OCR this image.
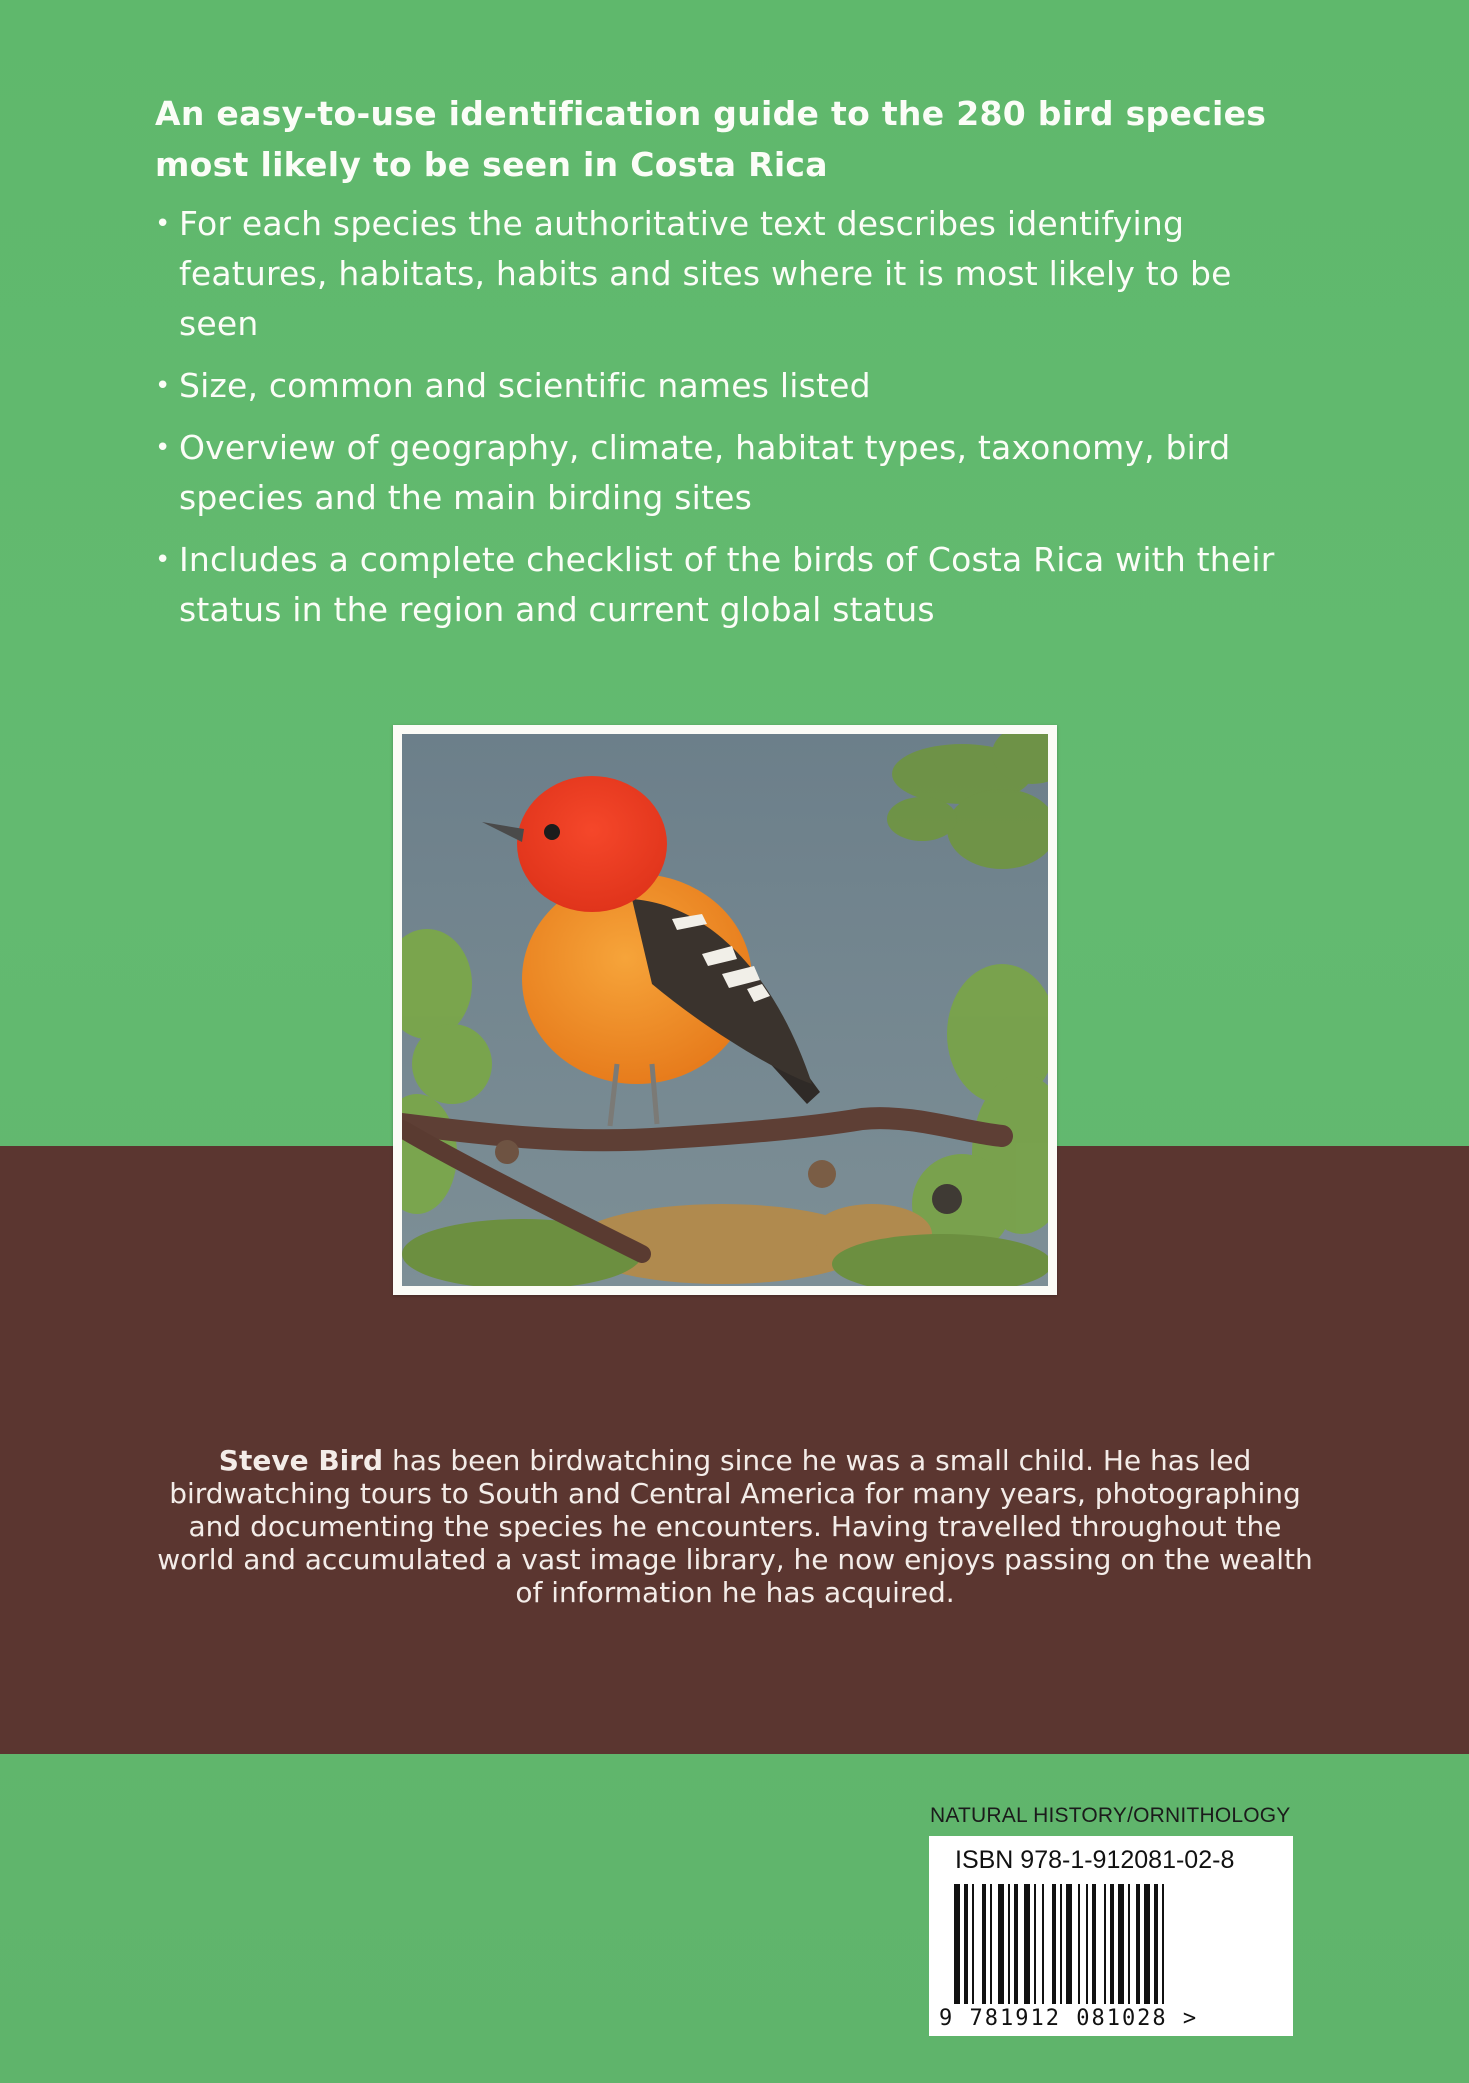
An easy-to-use identification guide to the 280 bird species most likely to be seen in Costa Rica

• For each species the authoritative text describes identifying features, habitats, habits and sites where it is most likely to be seen
• Size, common and scientific names listed
• Overview of geography, climate, habitat types, taxonomy, bird species and the main birding sites
• Includes a complete checklist of the birds of Costa Rica with their status in the region and current global status
Steve Bird has been birdwatching since he was a small child. He has led birdwatching tours to South and Central America for many years, photographing and documenting the species he encounters. Having travelled throughout the world and accumulated a vast image library, he now enjoys passing on the wealth of information he has acquired.
NATURAL HISTORY/ORNITHOLOGY
ISBN 978-1-912081-02-8
9 781912 081028 >
